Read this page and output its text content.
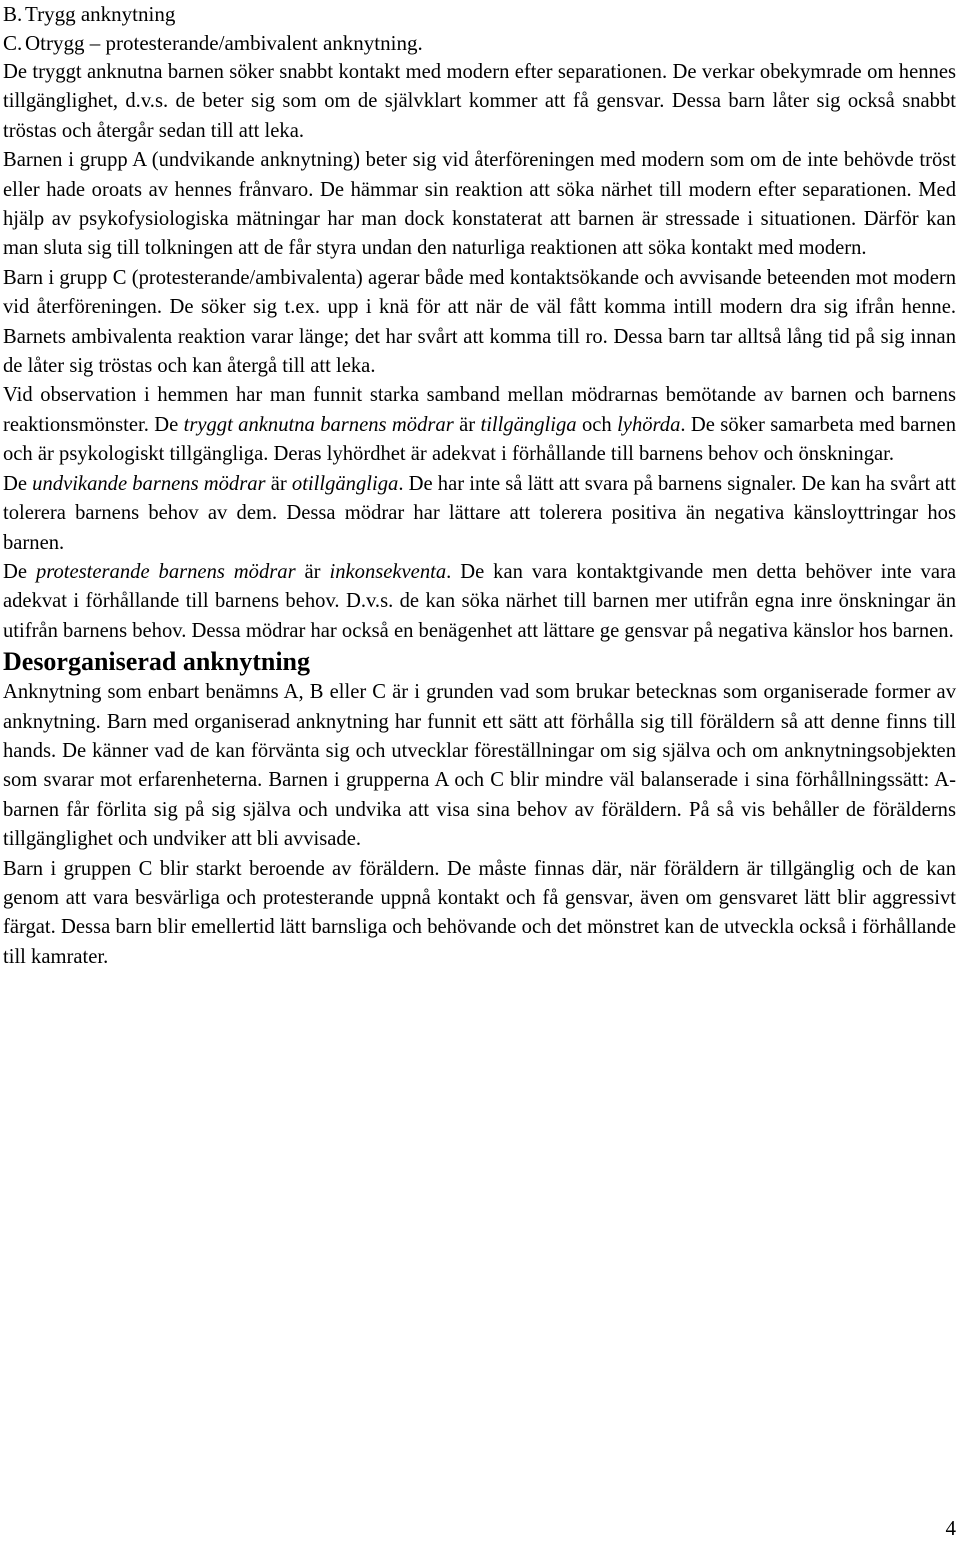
B. Trygg anknytning
C. Otrygg – protesterande/ambivalent anknytning.

De tryggt anknutna barnen söker snabbt kontakt med modern efter separationen. De verkar obekymrade om hennes tillgänglighet, d.v.s. de beter sig som om de självklart kommer att få gensvar. Dessa barn låter sig också snabbt tröstas och återgår sedan till att leka.

Barnen i grupp A (undvikande anknytning) beter sig vid återföreningen med modern som om de inte behövde tröst eller hade oroats av hennes frånvaro. De hämmar sin reaktion att söka närhet till modern efter separationen. Med hjälp av psykofysiologiska mätningar har man dock konstaterat att barnen är stressade i situationen. Därför kan man sluta sig till tolkningen att de får styra undan den naturliga reaktionen att söka kontakt med modern.

Barn i grupp C (protesterande/ambivalenta) agerar både med kontaktsökande och avvisande beteenden mot modern vid återföreningen. De söker sig t.ex. upp i knä för att när de väl fått komma intill modern dra sig ifrån henne. Barnets ambivalenta reaktion varar länge; det har svårt att komma till ro. Dessa barn tar alltså lång tid på sig innan de låter sig tröstas och kan återgå till att leka.

Vid observation i hemmen har man funnit starka samband mellan mödrarnas bemötande av barnen och barnens reaktionsmönster. De tryggt anknutna barnens mödrar är tillgängliga och lyhörda. De söker samarbeta med barnen och är psykologiskt tillgängliga. Deras lyhördhet är adekvat i förhållande till barnens behov och önskningar.

De undvikande barnens mödrar är otillgängliga. De har inte så lätt att svara på barnens signaler. De kan ha svårt att tolerera barnens behov av dem. Dessa mödrar har lättare att tolerera positiva än negativa känsloyttringar hos barnen.

De protesterande barnens mödrar är inkonsekventa. De kan vara kontaktgivande men detta behöver inte vara adekvat i förhållande till barnens behov. D.v.s. de kan söka närhet till barnen mer utifrån egna inre önskningar än utifrån barnens behov. Dessa mödrar har också en benägenhet att lättare ge gensvar på negativa känslor hos barnen.

Desorganiserad anknytning

Anknytning som enbart benämns A, B eller C är i grunden vad som brukar betecknas som organiserade former av anknytning. Barn med organiserad anknytning har funnit ett sätt att förhålla sig till föräldern så att denne finns till hands. De känner vad de kan förvänta sig och utvecklar föreställningar om sig själva och om anknytningsobjekten som svarar mot erfarenheterna. Barnen i grupperna A och C blir mindre väl balanserade i sina förhållningssätt: A-barnen får förlita sig på sig själva och undvika att visa sina behov av föräldern. På så vis behåller de förälderns tillgänglighet och undviker att bli avvisade.

Barn i gruppen C blir starkt beroende av föräldern. De måste finnas där, när föräldern är tillgänglig och de kan genom att vara besvärliga och protesterande uppnå kontakt och få gensvar, även om gensvaret lätt blir aggressivt färgat. Dessa barn blir emellertid lätt barnsliga och behövande och det mönstret kan de utveckla också i förhållande till kamrater.

4
